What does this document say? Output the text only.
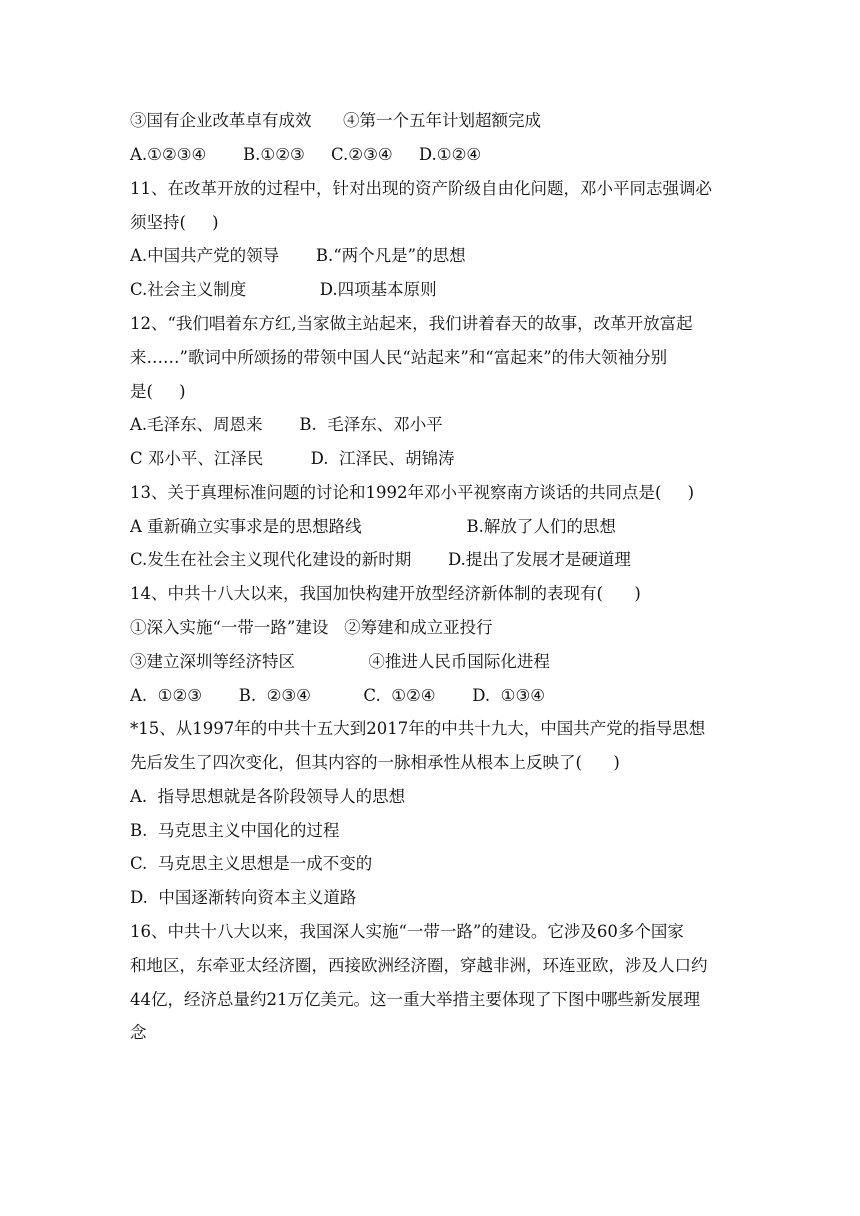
③国有企业改革卓有成效      ④第一个五年计划超额完成

A.①②③④       B.①②③     C.②③④     D.①②④

11、在改革开放的过程中，针对出现的资产阶级自由化问题，邓小平同志强调必

须坚持(     )

A.中国共产党的领导       B.“两个凡是”的思想

C.社会主义制度              D.四项基本原则

12、“我们唱着东方红,当家做主站起来，我们讲着春天的故事，改革开放富起

来……”歌词中所颂扬的带领中国人民“站起来”和“富起来”的伟大领袖分别

是(     )

A.毛泽东、周恩来       B.  毛泽东、邓小平

C 邓小平、江泽民         D.  江泽民、胡锦涛

13、关于真理标准问题的讨论和1992年邓小平视察南方谈话的共同点是(     )

A 重新确立实事求是的思想路线                    B.解放了人们的思想

C.发生在社会主义现代化建设的新时期       D.提出了发展才是硬道理

14、中共十八大以来，我国加快构建开放型经济新体制的表现有(      )

①深入实施“一带一路”建设   ②筹建和成立亚投行

③建立深圳等经济特区              ④推进人民币国际化进程

A.  ①②③       B.  ②③④          C.  ①②④       D.  ①③④

*15、从1997年的中共十五大到2017年的中共十九大，中国共产党的指导思想

先后发生了四次变化，但其内容的一脉相承性从根本上反映了(      )

A.  指导思想就是各阶段领导人的思想

B.  马克思主义中国化的过程

C.  马克思主义思想是一成不变的

D.  中国逐渐转向资本主义道路

16、中共十八大以来，我国深人实施“一带一路”的建设。它涉及60多个国家

和地区，东牵亚太经济圈，西接欧洲经济圈，穿越非洲，环连亚欧，涉及人口约

44亿，经济总量约21万亿美元。这一重大举措主要体现了下图中哪些新发展理

念
